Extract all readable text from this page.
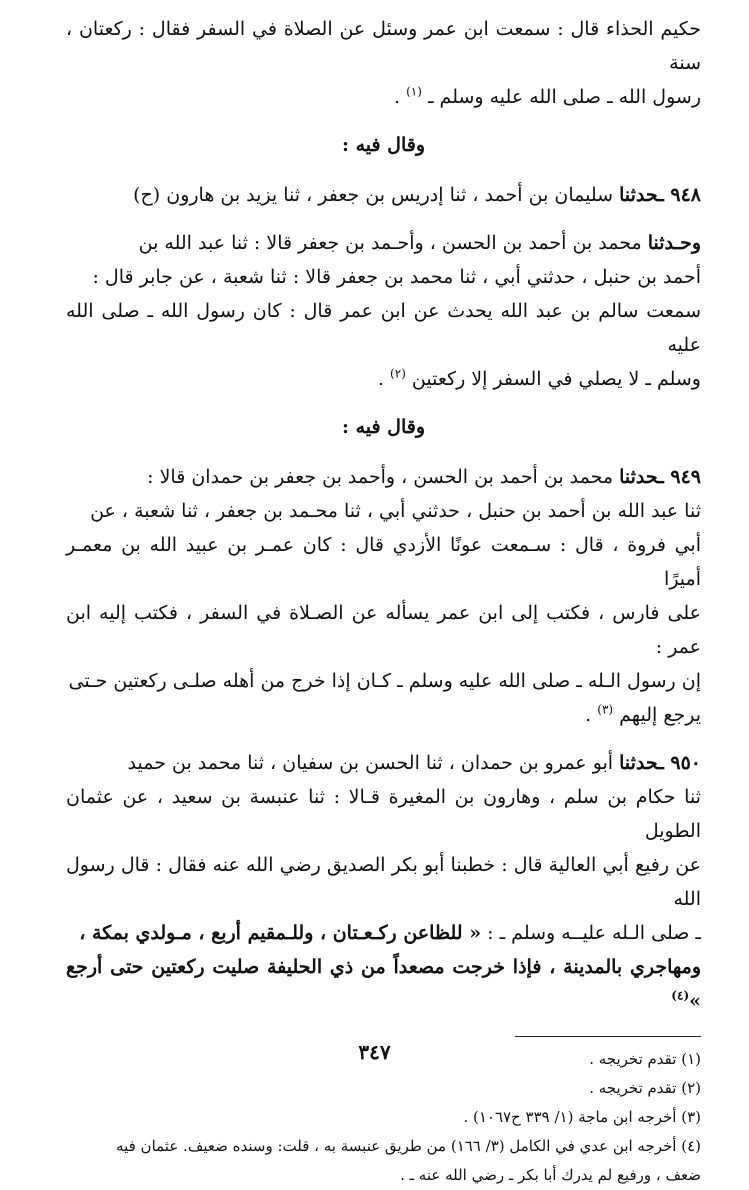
حكيم الحذاء قال : سمعت ابن عمر وسئل عن الصلاة في السفر فقال : ركعتان ، سنة
رسول الله ـ صلى الله عليه وسلم ـ $^{(١)}$ .

وقال فيه :

٩٤٨ ـحدثنا سليمان بن أحمد ، ثنا إدريس بن جعفر ، ثنا يزيد بن هارون (ح)

وحـدثنا محمد بن أحمد بن الحسن ، وأحـمد بن جعفر قالا : ثنا عبد الله بن
أحمد بن حنبل ، حدثني أبي ، ثنا محمد بن جعفر قالا : ثنا شعبة ، عن جابر قال :
سمعت سالم بن عبد الله يحدث عن ابن عمر قال : كان رسول الله ـ صلى الله عليه
وسلم ـ لا يصلي في السفر إلا ركعتين $^{(٢)}$ .

وقال فيه :

٩٤٩ ـحدثنا محمد بن أحمد بن الحسن ، وأحمد بن جعفر بن حمدان قالا :
ثنا عبد الله بن أحمد بن حنبل ، حدثني أبي ، ثنا محـمد بن جعفر ، ثنا شعبة ، عن
أبي فروة ، قال : سـمعت عونًا الأزدي قال : كان عمـر بن عبيد الله بن معمـر أميرًا
على فارس ، فكتب إلى ابن عمر يسأله عن الصـلاة في السفر ، فكتب إليه ابن عمر :
إن رسول الـله ـ صلى الله عليه وسلم ـ كـان إذا خرج من أهله صلـى ركعتين حـتى
يرجع إليهم $^{(٣)}$ .

٩٥٠ ـحدثنا أبو عمرو بن حمدان ، ثنا الحسن بن سفيان ، ثنا محمد بن حميد
ثنا حكام بن سلم ، وهارون بن المغيرة قـالا : ثنا عنبسة بن سعيد ، عن عثمان الطويل
عن رفيع أبي العالية قال : خطبنا أبو بكر الصديق رضي الله عنه فقال : قال رسول الله
ـ صلى الـله عليــه وسلم ـ : « للظاعن ركـعـتان ، وللـمقيم أربع ، مـولدي بمكة ،
ومهاجري بالمدينة ، فإذا خرجت مصعداً من ذي الحليفة صليت ركعتين حتى أرجع »$^{(٤)}$

(١) تقدم تخريجه .
(٢) تقدم تخريجه .
(٣) أخرجه ابن ماجة (١/ ٣٣٩ ح١٠٦٧) .
(٤) أخرجه ابن عدي في الكامل (٣/ ١٦٦) من طريق عنبسة به ، قلت: وسنده ضعيف. عثمان فيه
ضعف ، ورفيع لم يدرك أبا بكر ـ رضي الله عنه ـ .
٣٤٧
